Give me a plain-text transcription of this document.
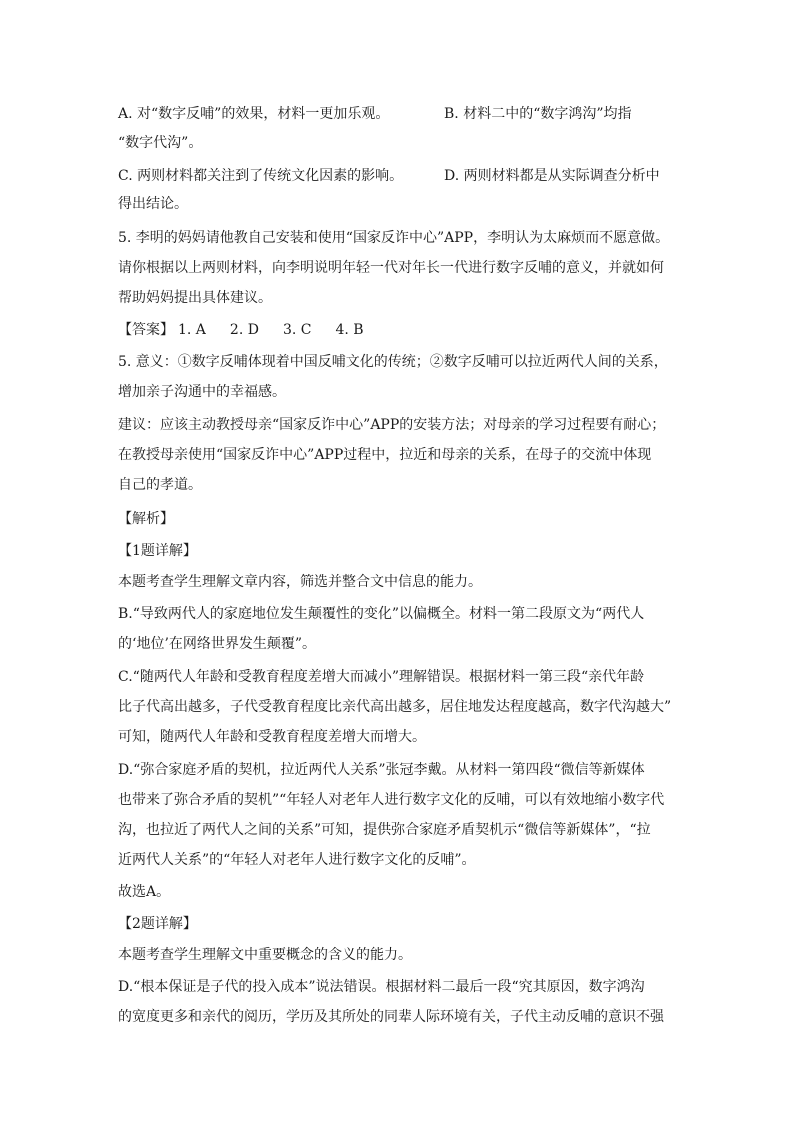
A. 对“数字反哺”的效果，材料一更加乐观。	B. 材料二中的“数字鸿沟”均指
“数字代沟”。
C. 两则材料都关注到了传统文化因素的影响。	D. 两则材料都是从实际调查分析中
得出结论。
5. 李明的妈妈请他教自己安装和使用“国家反诈中心”APP，李明认为太麻烦而不愿意做。
请你根据以上两则材料，向李明说明年轻一代对年长一代进行数字反哺的意义，并就如何
帮助妈妈提出具体建议。
【答案】 1. A 2. D 3. C 4. B
5. 意义：①数字反哺体现着中国反哺文化的传统；②数字反哺可以拉近两代人间的关系，
增加亲子沟通中的幸福感。
建议：应该主动教授母亲“国家反诈中心”APP的安装方法；对母亲的学习过程要有耐心；
在教授母亲使用“国家反诈中心”APP过程中，拉近和母亲的关系，在母子的交流中体现
自己的孝道。
【解析】
【1题详解】
本题考查学生理解文章内容，筛选并整合文中信息的能力。
B.“导致两代人的家庭地位发生颠覆性的变化”以偏概全。材料一第二段原文为“两代人
的‘地位’在网络世界发生颠覆”。
C.“随两代人年龄和受教育程度差增大而减小”理解错误。根据材料一第三段“亲代年龄
比子代高出越多，子代受教育程度比亲代高出越多，居住地发达程度越高，数字代沟越大”
可知，随两代人年龄和受教育程度差增大而增大。
D.“弥合家庭矛盾的契机，拉近两代人关系”张冠李戴。从材料一第四段“微信等新媒体
也带来了弥合矛盾的契机”“年轻人对老年人进行数字文化的反哺，可以有效地缩小数字代
沟，也拉近了两代人之间的关系”可知，提供弥合家庭矛盾契机示“微信等新媒体”，“拉
近两代人关系”的“年轻人对老年人进行数字文化的反哺”。
故选A。
【2题详解】
本题考查学生理解文中重要概念的含义的能力。
D.“根本保证是子代的投入成本”说法错误。根据材料二最后一段“究其原因，数字鸿沟
的宽度更多和亲代的阅历，学历及其所处的同辈人际环境有关，子代主动反哺的意识不强
